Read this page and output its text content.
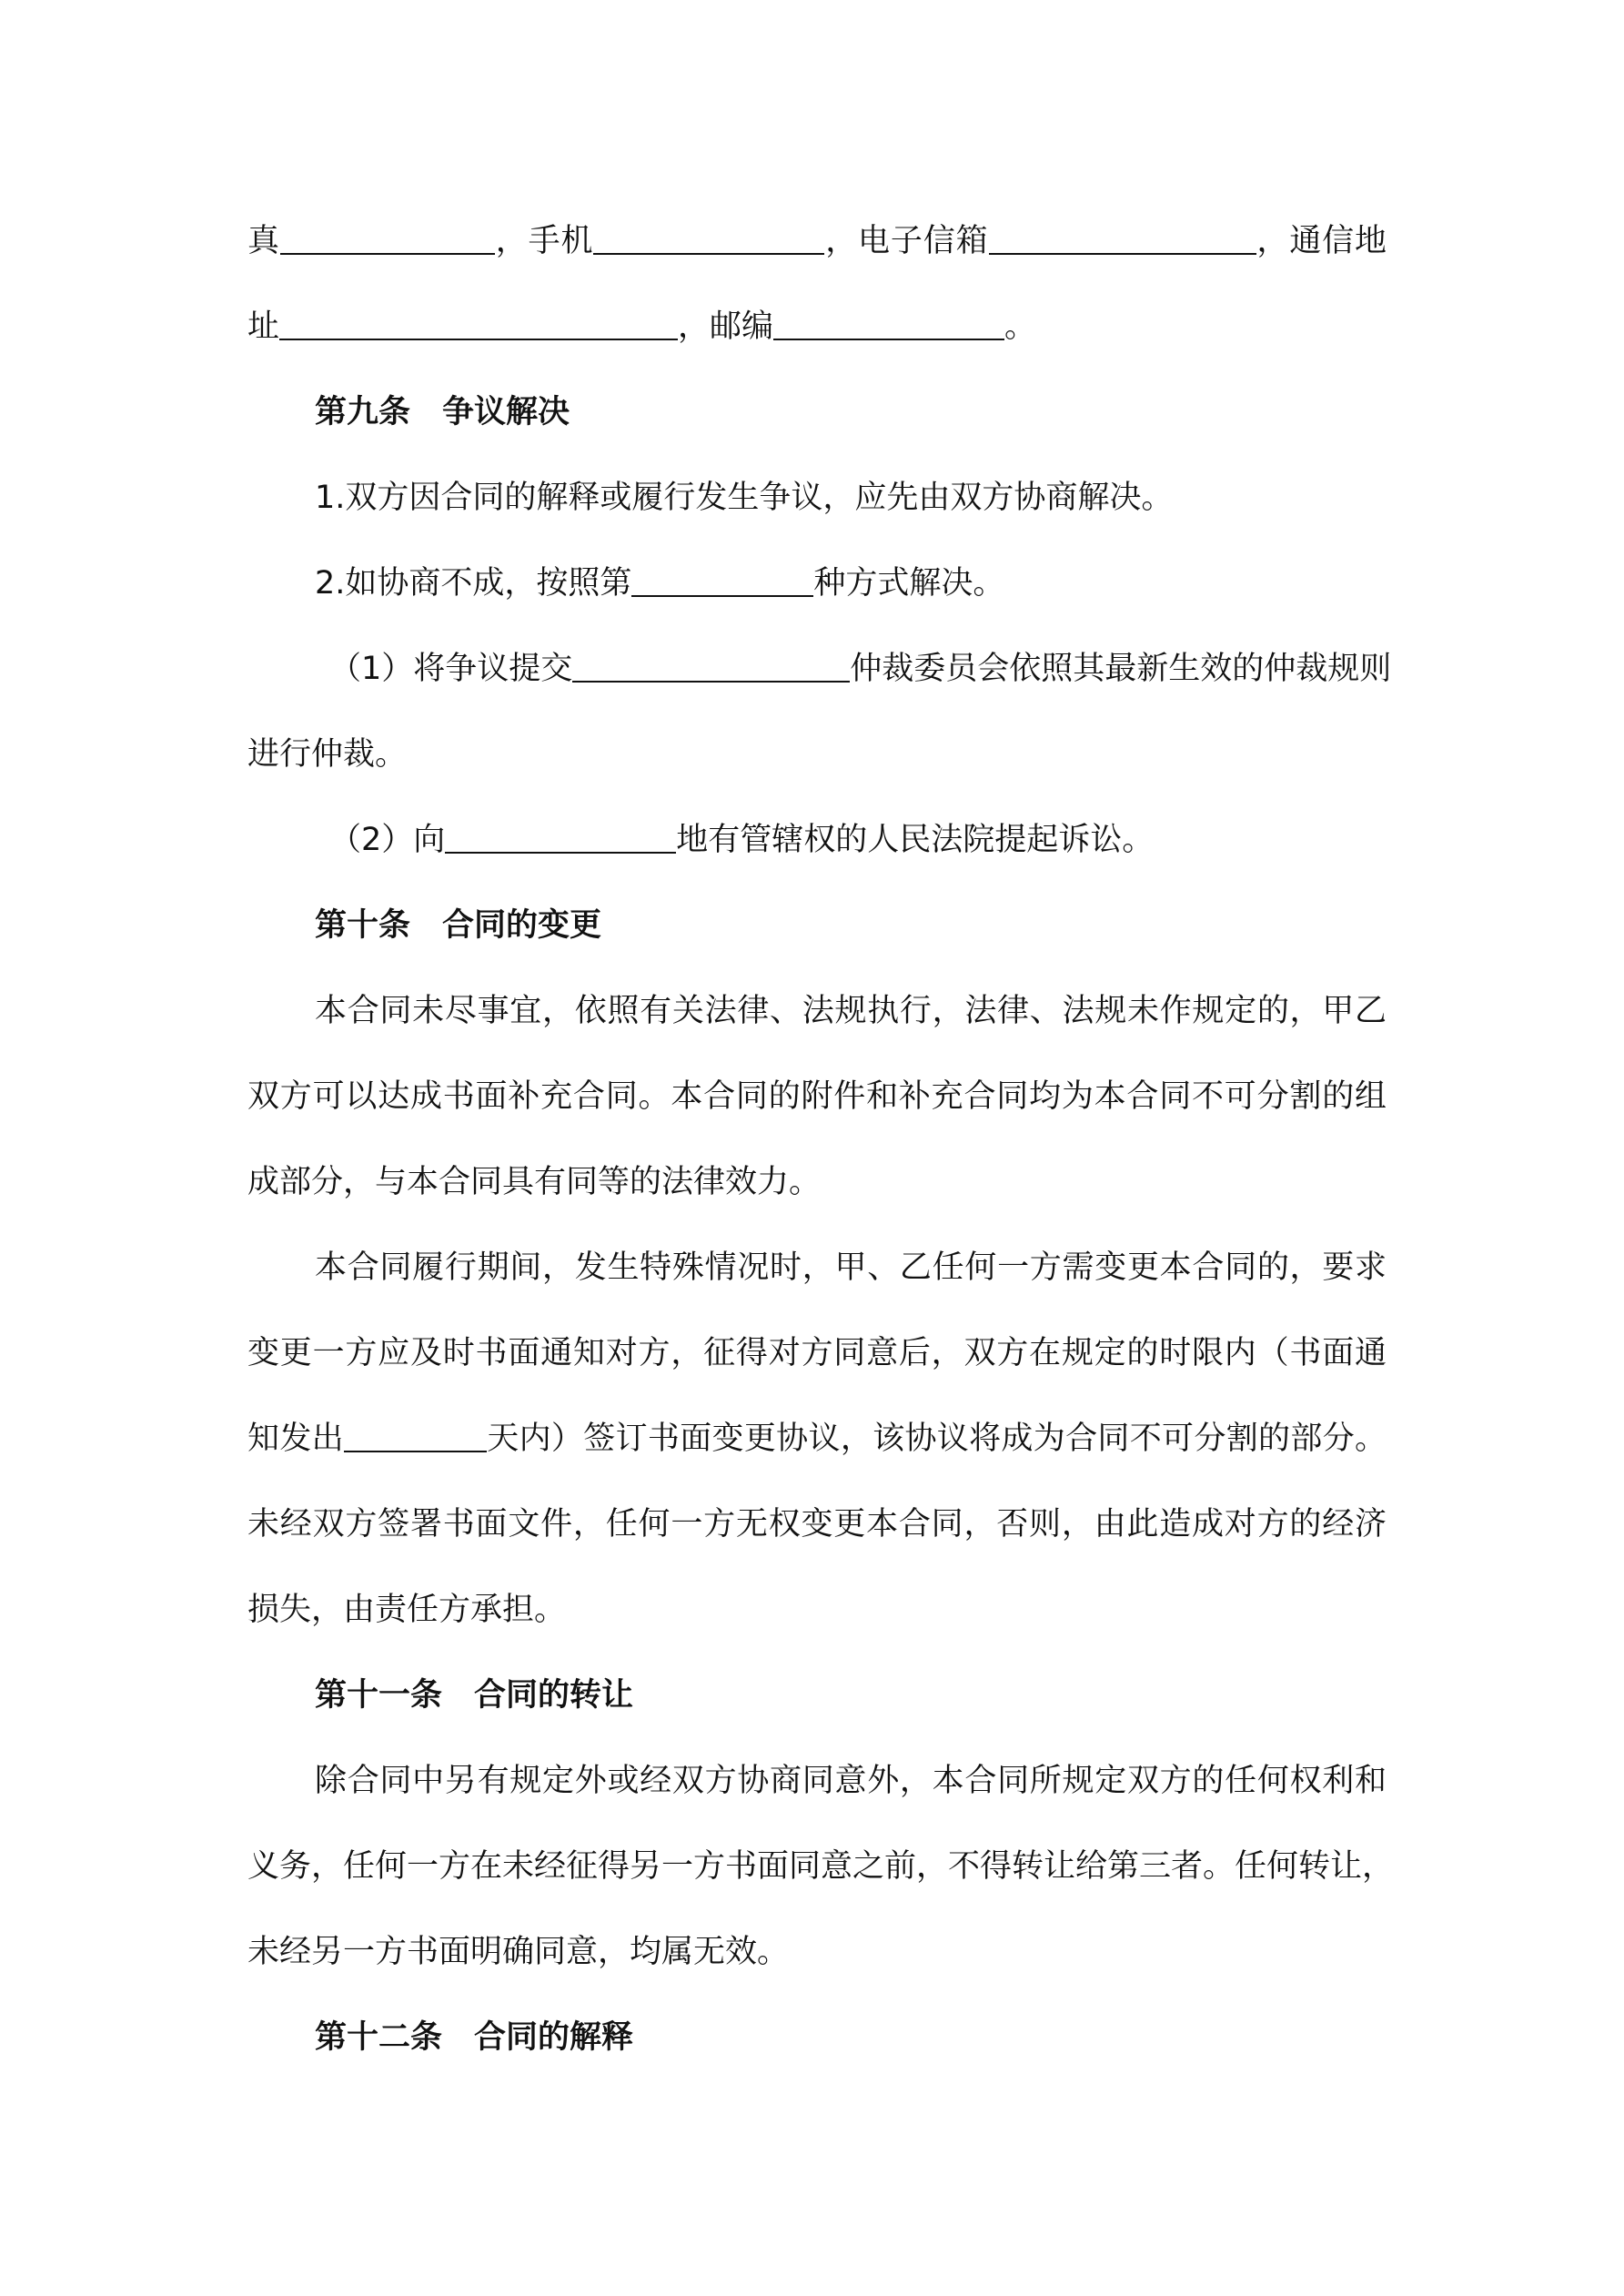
真	，手机	，电子信箱	，通信地
址	，邮编	。
第九条　争议解决
1.双方因合同的解释或履行发生争议，应先由双方协商解决。
2.如协商不成，按照第	种方式解决。
（1）将争议提交	仲裁委员会依照其最新生效的仲裁规则
进行仲裁。
（2）向	地有管辖权的人民法院提起诉讼。
第十条　合同的变更
本合同未尽事宜，依照有关法律、法规执行，法律、法规未作规定的，甲乙
双方可以达成书面补充合同。本合同的附件和补充合同均为本合同不可分割的组
成部分，与本合同具有同等的法律效力。
本合同履行期间，发生特殊情况时，甲、乙任何一方需变更本合同的，要求
变更一方应及时书面通知对方，征得对方同意后，双方在规定的时限内（书面通
知发出	天内）签订书面变更协议，该协议将成为合同不可分割的部分。
未经双方签署书面文件，任何一方无权变更本合同，否则，由此造成对方的经济
损失，由责任方承担。
第十一条　合同的转让
除合同中另有规定外或经双方协商同意外，本合同所规定双方的任何权利和
义务，任何一方在未经征得另一方书面同意之前，不得转让给第三者。任何转让，
未经另一方书面明确同意，均属无效。
第十二条　合同的解释
